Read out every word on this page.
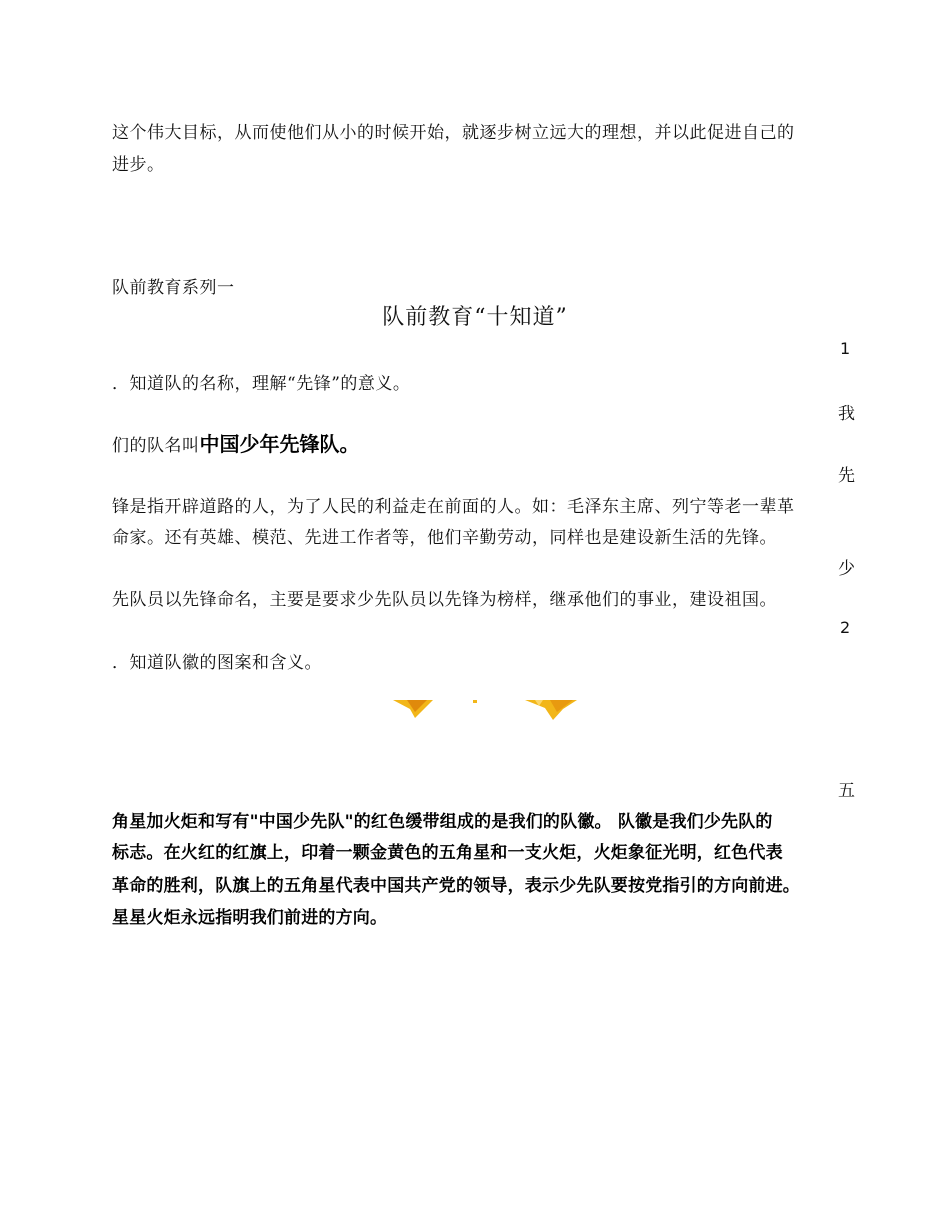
这个伟大目标，从而使他们从小的时候开始，就逐步树立远大的理想，并以此促进自己的
进步。
队前教育系列一
队前教育“十知道”
1
．知道队的名称，理解“先锋”的意义。
我
们的队名叫中国少年先锋队。
先
锋是指开辟道路的人，为了人民的利益走在前面的人。如：毛泽东主席、列宁等老一辈革
命家。还有英雄、模范、先进工作者等，他们辛勤劳动，同样也是建设新生活的先锋。
少
先队员以先锋命名，主要是要求少先队员以先锋为榜样，继承他们的事业，建设祖国。
2
．知道队徽的图案和含义。
五
角星加火炬和写有"中国少先队"的红色缓带组成的是我们的队徽。 队徽是我们少先队的
标志。在火红的红旗上，印着一颗金黄色的五角星和一支火炬，火炬象征光明，红色代表
革命的胜利，队旗上的五角星代表中国共产党的领导，表示少先队要按党指引的方向前进。
星星火炬永远指明我们前进的方向。
